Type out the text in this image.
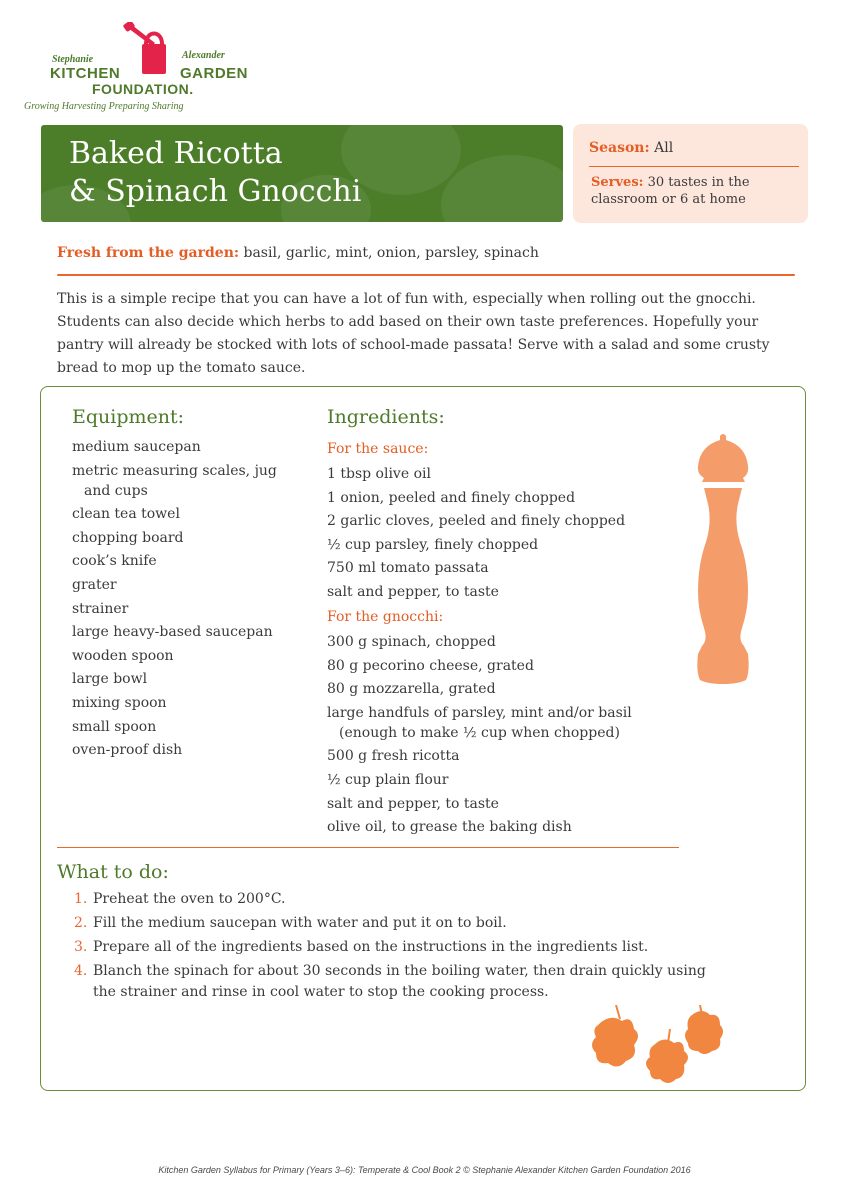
Stephanie	Alexander
KITCHEN	GARDEN
FOUNDATION.
Growing Harvesting Preparing Sharing
Baked Ricotta
& Spinach Gnocchi
Season: All
Serves: 30 tastes in the classroom or 6 at home
Fresh from the garden: basil, garlic, mint, onion, parsley, spinach
This is a simple recipe that you can have a lot of fun with, especially when rolling out the gnocchi. Students can also decide which herbs to add based on their own taste preferences. Hopefully your pantry will already be stocked with lots of school-made passata! Serve with a salad and some crusty bread to mop up the tomato sauce.
Equipment:
medium saucepan
metric measuring scales, jug
and cups
clean tea towel
chopping board
cook’s knife
grater
strainer
large heavy-based saucepan
wooden spoon
large bowl
mixing spoon
small spoon
oven-proof dish
Ingredients:
For the sauce:
1 tbsp olive oil
1 onion, peeled and finely chopped
2 garlic cloves, peeled and finely chopped
½ cup parsley, finely chopped
750 ml tomato passata
salt and pepper, to taste
For the gnocchi:
300 g spinach, chopped
80 g pecorino cheese, grated
80 g mozzarella, grated
large handfuls of parsley, mint and/or basil
(enough to make ½ cup when chopped)
500 g fresh ricotta
½ cup plain flour
salt and pepper, to taste
olive oil, to grease the baking dish
What to do:
1. Preheat the oven to 200°C.
2. Fill the medium saucepan with water and put it on to boil.
3. Prepare all of the ingredients based on the instructions in the ingredients list.
4. Blanch the spinach for about 30 seconds in the boiling water, then drain quickly using the strainer and rinse in cool water to stop the cooking process.
Kitchen Garden Syllabus for Primary (Years 3–6): Temperate & Cool Book 2 © Stephanie Alexander Kitchen Garden Foundation 2016
